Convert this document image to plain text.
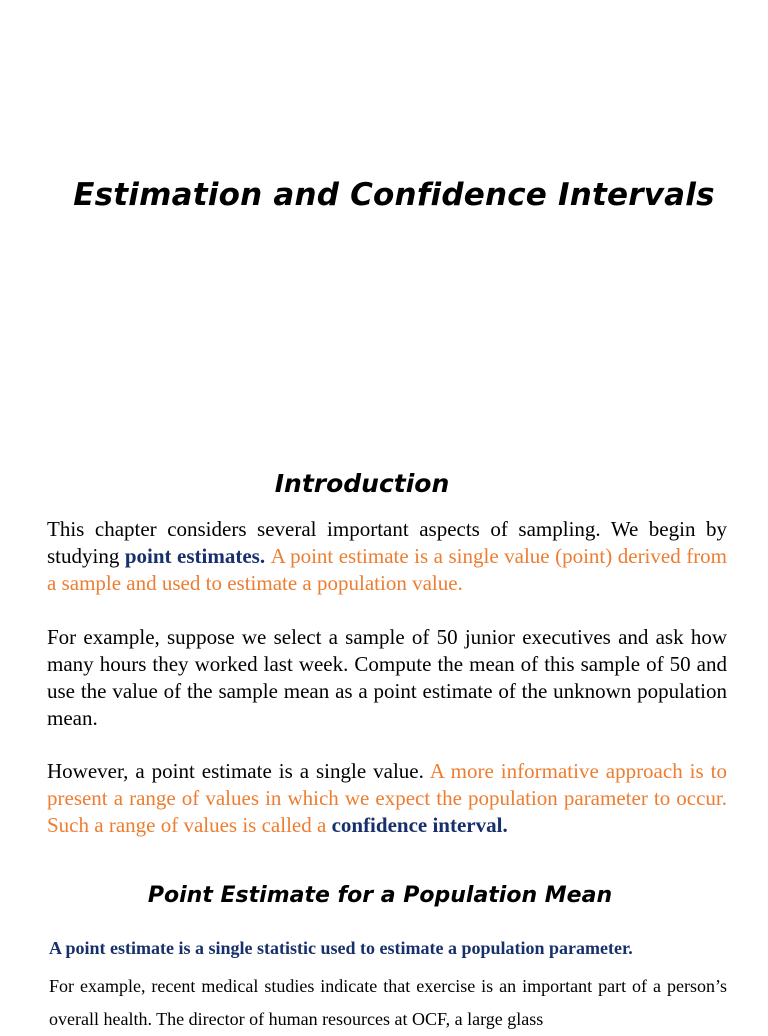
Estimation and Confidence Intervals
Introduction

This chapter considers several important aspects of sampling. We begin by studying point estimates. A point estimate is a single value (point) derived from a sample and used to estimate a population value.

For example, suppose we select a sample of 50 junior executives and ask how many hours they worked last week. Compute the mean of this sample of 50 and use the value of the sample mean as a point estimate of the unknown population mean.

However, a point estimate is a single value. A more informative approach is to present a range of values in which we expect the population parameter to occur. Such a range of values is called a confidence interval.

Point Estimate for a Population Mean

A point estimate is a single statistic used to estimate a population parameter.

For example, recent medical studies indicate that exercise is an important part of a person’s overall health. The director of human resources at OCF, a large glass
